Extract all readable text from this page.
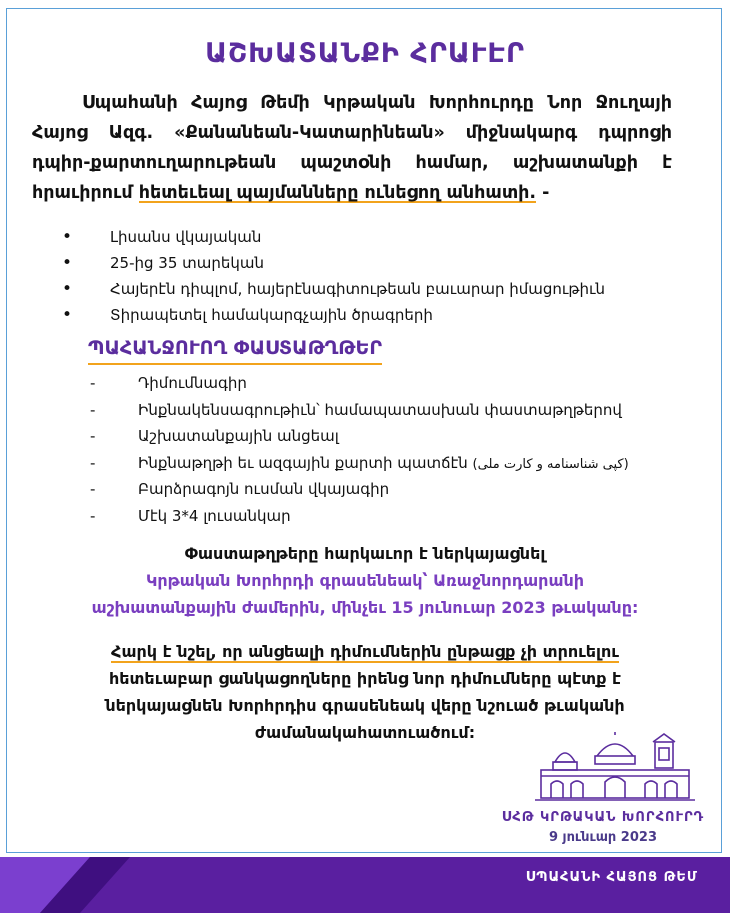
ԱՇԽԱՏԱՆՔԻ ՀՐԱՒԷՐ
Սպահանի Հայոց Թեմի Կրթական Խորհուրդը Նոր Ջուղայի Հայոց Ազգ. «Քանանեան-Կատարինեան» միջնակարգ դպրոցի դպիր-քարտուղարութեան պաշտօնի համար, աշխատանքի է հրաւիրում հետեւեալ պայմանները ունեցող անհատի. -
• Լիսանս վկայական
• 25-ից 35 տարեկան
• Հայերէն դիպլոմ, հայերէնագիտութեան բաւարար իմացութիւն
• Տիրապետել համակարգչային ծրագրերի
ՊԱՀԱՆՋՈՒՈՂ ՓԱՍՏԱԹՂԹԵՐ
- Դիմումնագիր
- Ինքնակենսագրութիւն՝ համապատասխան փաստաթղթերով
- Աշխատանքային անցեալ
- Ինքնաթղթի եւ ազգային քարտի պատճէն (کپی شناسنامه و کارت ملی)
- Բարձրագոյն ուսման վկայագիր
- Մէկ 3*4 լուսանկար
Փաստաթղթերը հարկաւոր է ներկայացնել
Կրթական Խորհրդի գրասենեակ՝ Առաջնորդարանի
աշխատանքային ժամերին, մինչեւ 15 յունուար 2023 թւականը:
Հարկ է նշել, որ անցեալի դիմումներին ընթացք չի տրուելու հետեւաբար ցանկացողները իրենց նոր դիմումները պէտք է ներկայացնեն Խորհրդիս գրասենեակ վերը նշուած թւականի ժամանակահատուածում:
ՍՀԹ ԿՐԹԱԿԱՆ ԽՈՐՀՈՒՐԴ
9 յունւար 2023
ՍՊԱՀԱՆԻ ՀԱՅՈՑ ԹԵՄ
